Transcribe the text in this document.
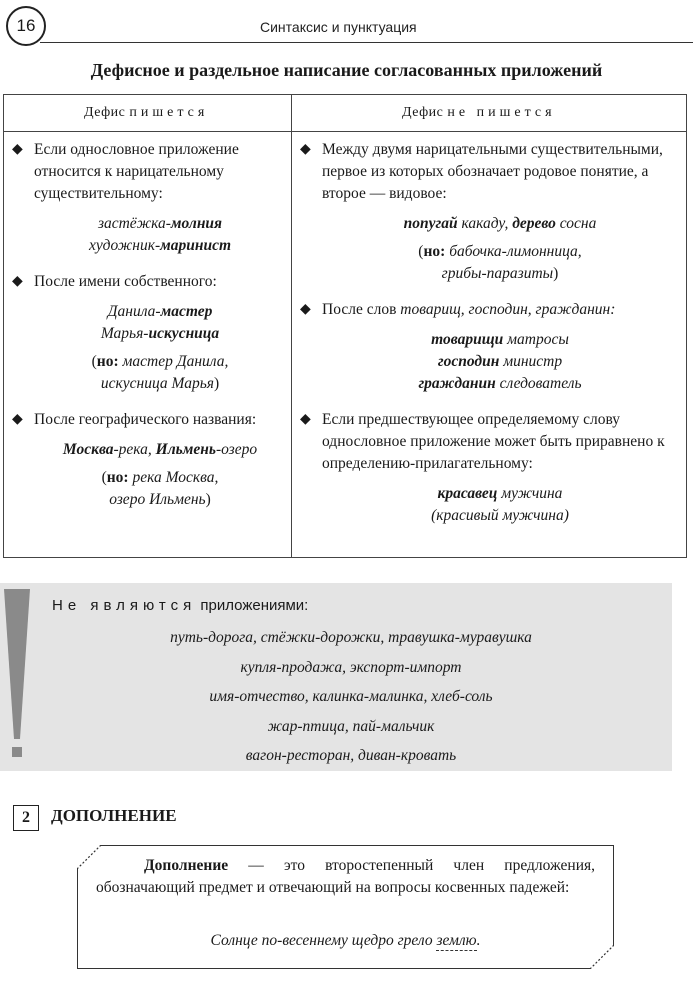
16	Синтаксис и пунктуация
Дефисное и раздельное написание согласованных приложений
Дефис пишется	Дефис не пишется
◆ Если однословное приложение относится к нарицательному существительному:
застёжка-молния
художник-маринист
◆ После имени собственного:
Данила-мастер
Марья-искусница
(но: мастер Данила,
искусница Марья)
◆ После географического названия:
Москва-река, Ильмень-озеро
(но: река Москва,
озеро Ильмень)
◆ Между двумя нарицательными существительными, первое из которых обозначает родовое понятие, а второе — видовое:
попугай какаду, дерево сосна
(но: бабочка-лимонница,
грибы-паразиты)
◆ После слов товарищ, господин, гражданин:
товарищи матросы
господин министр
гражданин следователь
◆ Если предшествующее определяемому слову однословное приложение может быть приравнено к определению-прилагательному:
красавец мужчина
(красивый мужчина)
Не являются приложениями:
путь-дорога, стёжки-дорожки, травушка-муравушка
купля-продажа, экспорт-импорт
имя-отчество, калинка-малинка, хлеб-соль
жар-птица, пай-мальчик
вагон-ресторан, диван-кровать
2	ДОПОЛНЕНИЕ
Дополнение — это второстепенный член предложения, обозначающий предмет и отвечающий на вопросы косвенных падежей:
Солнце по-весеннему щедро грело землю.
